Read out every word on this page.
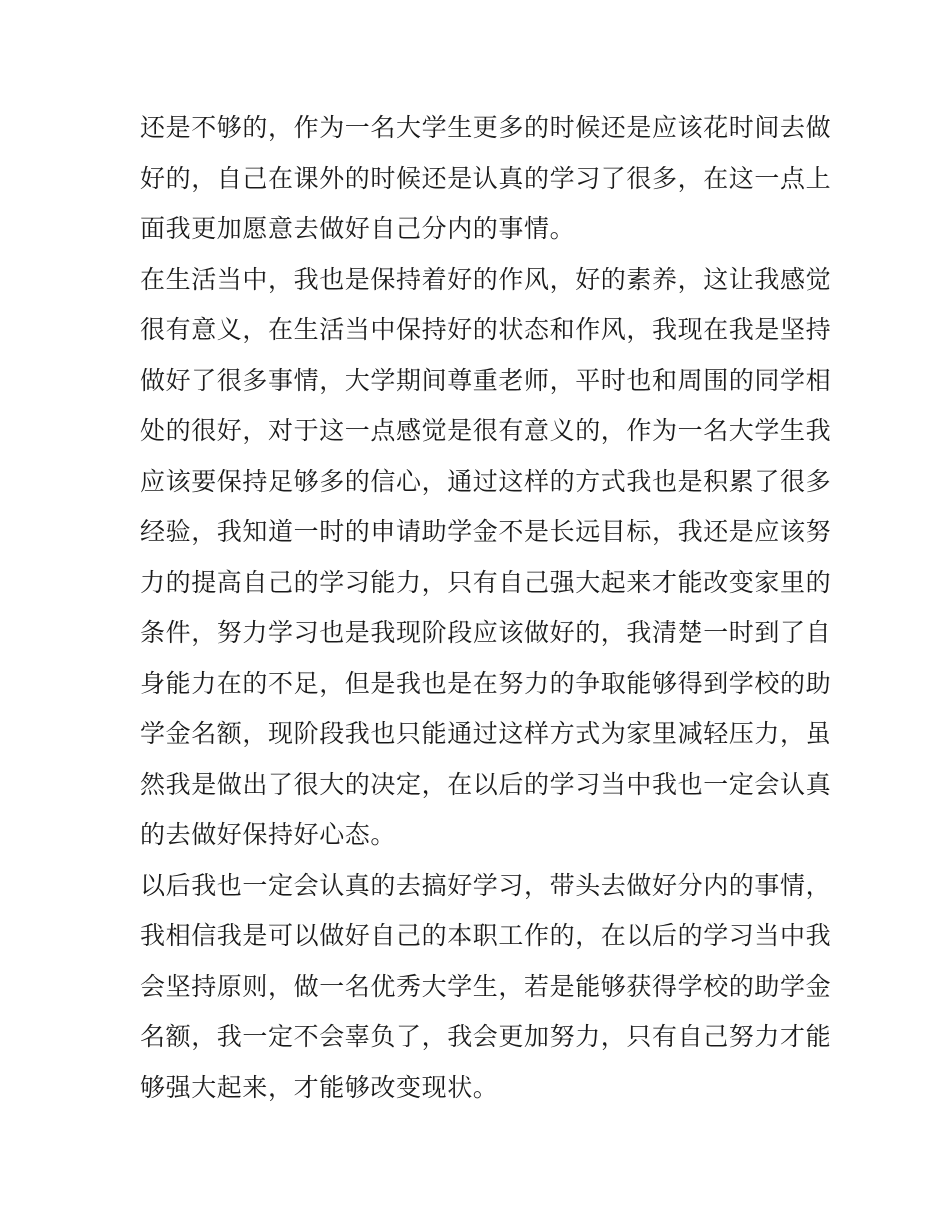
还是不够的，作为一名大学生更多的时候还是应该花时间去做
好的，自己在课外的时候还是认真的学习了很多，在这一点上
面我更加愿意去做好自己分内的事情。
在生活当中，我也是保持着好的作风，好的素养，这让我感觉
很有意义，在生活当中保持好的状态和作风，我现在我是坚持
做好了很多事情，大学期间尊重老师，平时也和周围的同学相
处的很好，对于这一点感觉是很有意义的，作为一名大学生我
应该要保持足够多的信心，通过这样的方式我也是积累了很多
经验，我知道一时的申请助学金不是长远目标，我还是应该努
力的提高自己的学习能力，只有自己强大起来才能改变家里的
条件，努力学习也是我现阶段应该做好的，我清楚一时到了自
身能力在的不足，但是我也是在努力的争取能够得到学校的助
学金名额，现阶段我也只能通过这样方式为家里减轻压力，虽
然我是做出了很大的决定，在以后的学习当中我也一定会认真
的去做好保持好心态。
以后我也一定会认真的去搞好学习，带头去做好分内的事情，
我相信我是可以做好自己的本职工作的，在以后的学习当中我
会坚持原则，做一名优秀大学生，若是能够获得学校的助学金
名额，我一定不会辜负了，我会更加努力，只有自己努力才能
够强大起来，才能够改变现状。
